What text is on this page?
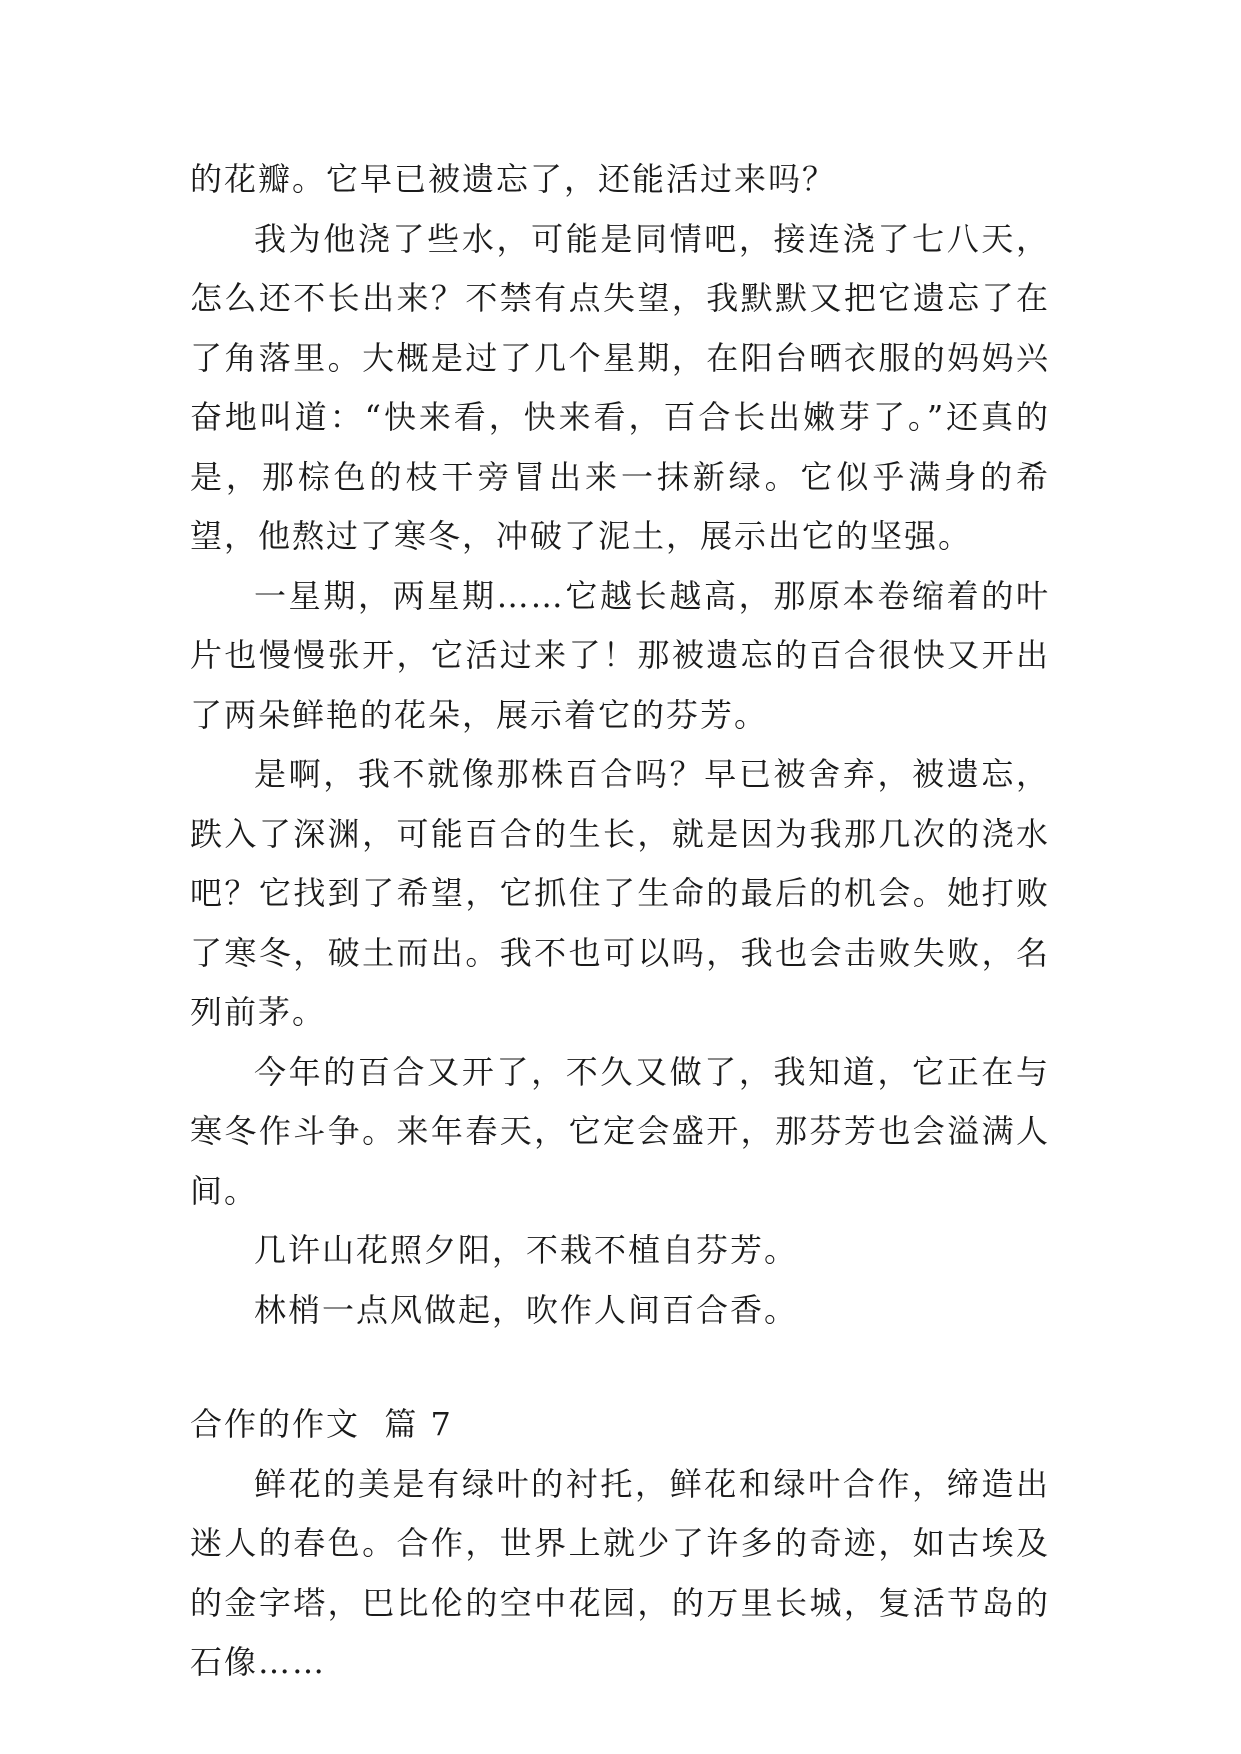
的花瓣。它早已被遗忘了，还能活过来吗？

我为他浇了些水，可能是同情吧，接连浇了七八天，怎么还不长出来？不禁有点失望，我默默又把它遗忘了在了角落里。大概是过了几个星期，在阳台晒衣服的妈妈兴奋地叫道：“快来看，快来看，百合长出嫩芽了。”还真的是，那棕色的枝干旁冒出来一抹新绿。它似乎满身的希望，他熬过了寒冬，冲破了泥土，展示出它的坚强。

一星期，两星期……它越长越高，那原本卷缩着的叶片也慢慢张开，它活过来了！那被遗忘的百合很快又开出了两朵鲜艳的花朵，展示着它的芬芳。

是啊，我不就像那株百合吗？早已被舍弃，被遗忘，跌入了深渊，可能百合的生长，就是因为我那几次的浇水吧？它找到了希望，它抓住了生命的最后的机会。她打败了寒冬，破土而出。我不也可以吗，我也会击败失败，名列前茅。

今年的百合又开了，不久又做了，我知道，它正在与寒冬作斗争。来年春天，它定会盛开，那芬芳也会溢满人间。

几许山花照夕阳，不栽不植自芬芳。

林梢一点风做起，吹作人间百合香。

合作的作文  篇 7

鲜花的美是有绿叶的衬托，鲜花和绿叶合作，缔造出迷人的春色。合作，世界上就少了许多的奇迹，如古埃及的金字塔，巴比伦的空中花园，的万里长城，复活节岛的石像……
